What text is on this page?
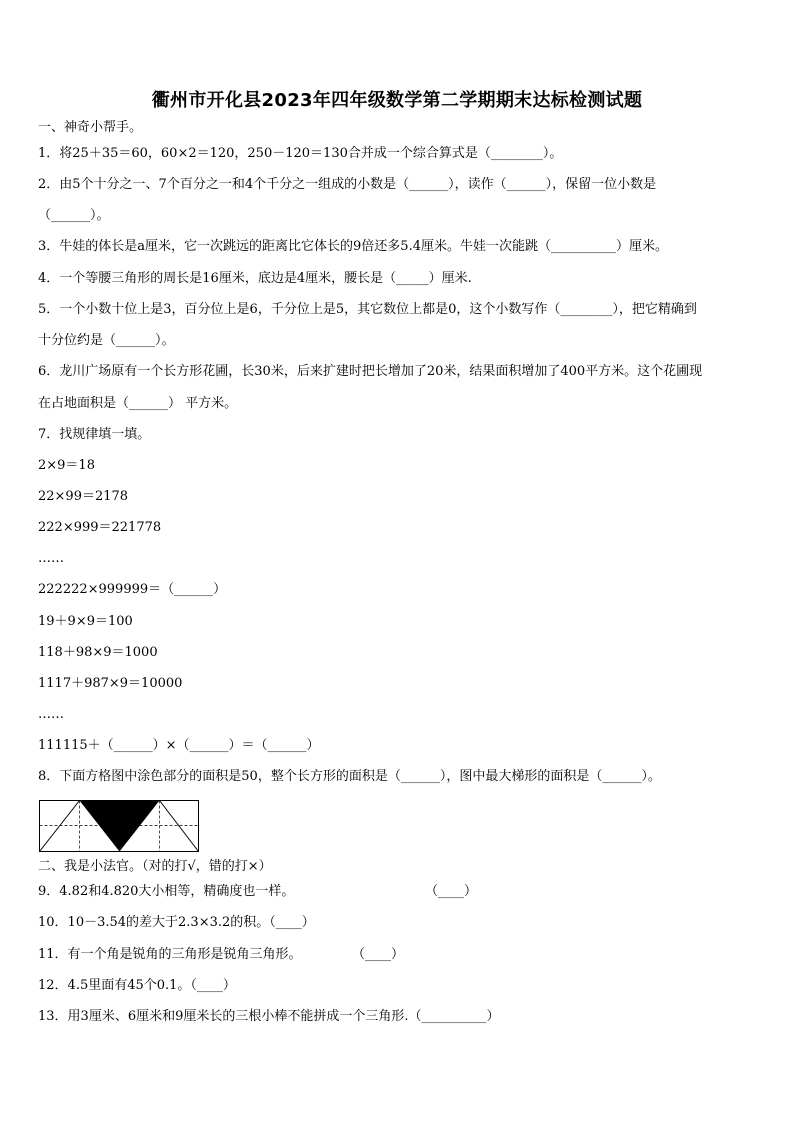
衢州市开化县2023年四年级数学第二学期期末达标检测试题
一、神奇小帮手。
1．将25＋35＝60，60×2＝120，250－120＝130合并成一个综合算式是（________）。
2．由5个十分之一、7个百分之一和4个千分之一组成的小数是（______），读作（______），保留一位小数是
（______）。
3．牛娃的体长是a厘米，它一次跳远的距离比它体长的9倍还多5.4厘米。牛娃一次能跳（__________）厘米。
4．一个等腰三角形的周长是16厘米，底边是4厘米，腰长是（_____）厘米.
5．一个小数十位上是3，百分位上是6，千分位上是5，其它数位上都是0，这个小数写作（________），把它精确到
十分位约是（______）。
6．龙川广场原有一个长方形花圃，长30米，后来扩建时把长增加了20米，结果面积增加了400平方米。这个花圃现
在占地面积是（______） 平方米。
7．找规律填一填。
2×9＝18
22×99＝2178
222×999＝221778
……
222222×999999＝（______）
19＋9×9＝100
118＋98×9＝1000
1117＋987×9＝10000
……
111115＋（______）×（______）＝（______）
8．下面方格图中涂色部分的面积是50，整个长方形的面积是（______），图中最大梯形的面积是（______）。
二、我是小法官。（对的打√，错的打×）
9．4.82和4.820大小相等，精确度也一样。	（____）
10．10－3.54的差大于2.3×3.2的积。（____）
11．有一个角是锐角的三角形是锐角三角形。	（____）
12．4.5里面有45个0.1。（____）
13．用3厘米、6厘米和9厘米长的三根小棒不能拼成一个三角形.（__________）
